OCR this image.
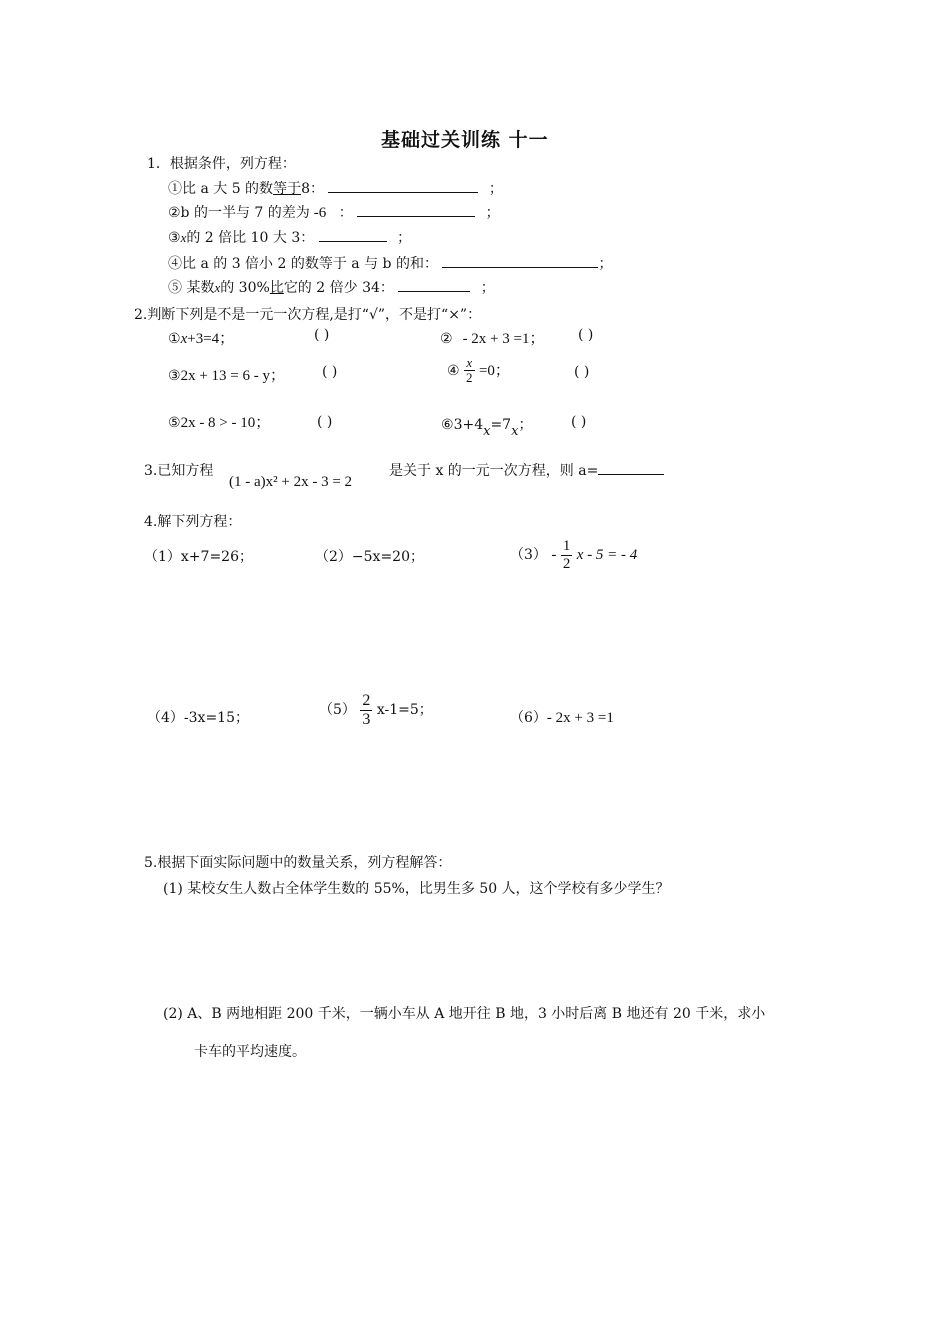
基础过关训练 十一
1．根据条件，列方程：
①比 a 大 5 的数等于8：	；
②b 的一半与 7 的差为 -6 ：	；
③x的 2 倍比 10 大 3：	；
④比 a 的 3 倍小 2 的数等于 a 与 b 的和：	；
⑤ 某数x的 30%比它的 2 倍少 34：	；
2.判断下列是不是一元一次方程,是打“√”，不是打“×”：
①x+3=4；	( )	② - 2x + 3 =1； ( )
③2x + 13 = 6 - y；	( )	④ $\frac{x}{2} =0$；	( )
⑤2x - 8 > - 10；	( )	⑥3+4x=7x；	( )
3.已知方程
(1 - a)x² + 2x - 3 = 2
是关于 x 的一元一次方程，则 a=
4.解下列方程：
（1）x+7=26；	（2）−5x=20；	$(3) - \frac{1}{2}$ x - 5 = - 4
（4）-3x=15；	$(5) \frac{2}{3} x-1=5$；	（6）- 2x + 3 =1
5.根据下面实际问题中的数量关系，列方程解答：
(1) 某校女生人数占全体学生数的 55%，比男生多 50 人，这个学校有多少学生？
(2) A、B 两地相距 200 千米，一辆小车从 A 地开往 B 地，3 小时后离 B 地还有 20 千米，求小
卡车的平均速度。
